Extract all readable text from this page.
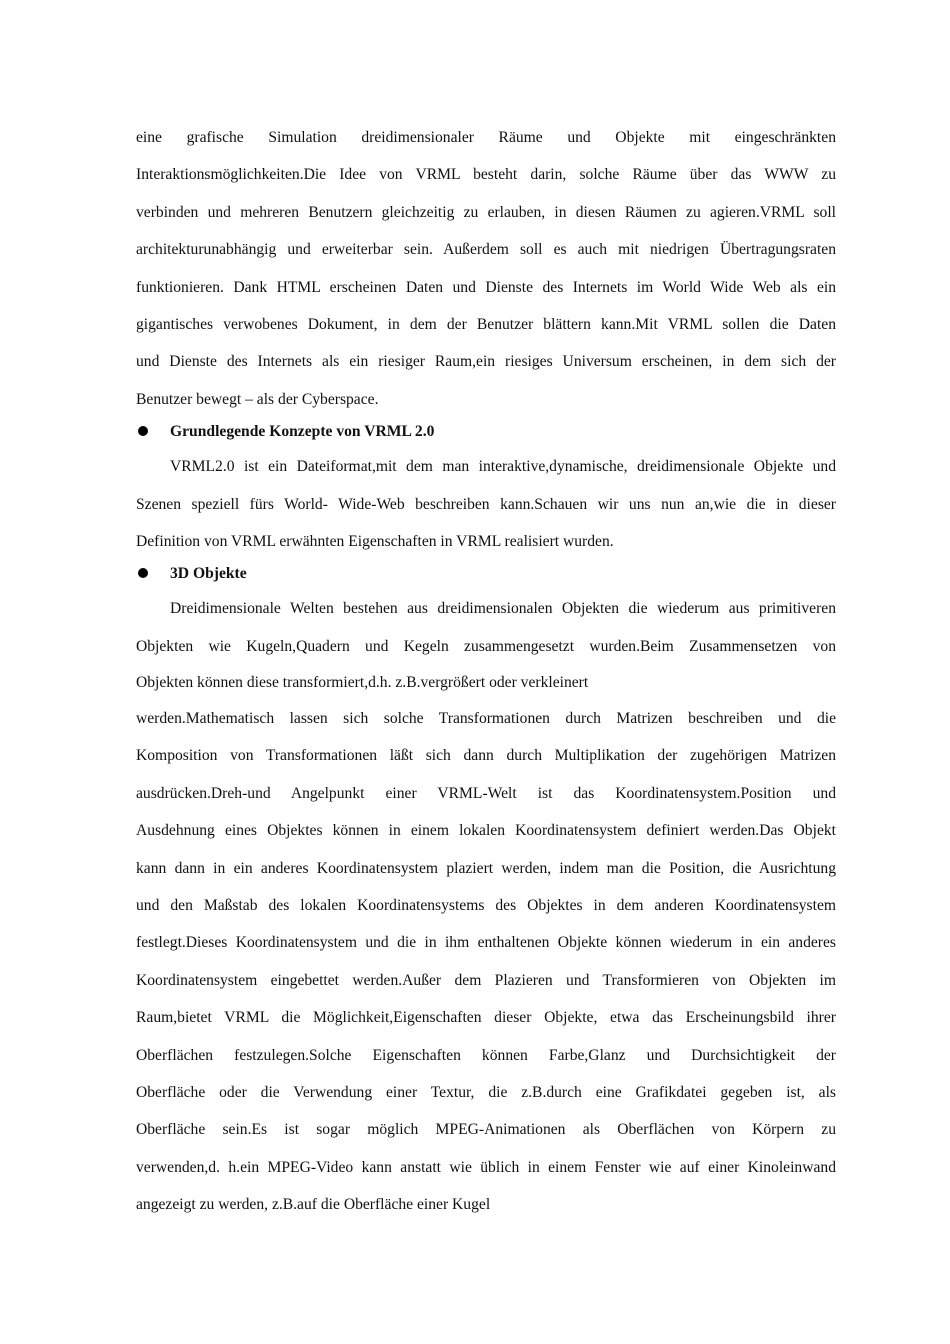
eine grafische Simulation dreidimensionaler Räume und Objekte mit eingeschränkten
Interaktionsmöglichkeiten.Die Idee von VRML besteht darin, solche Räume über das WWW zu
verbinden und mehreren Benutzern gleichzeitig zu erlauben, in diesen Räumen zu agieren.VRML soll
architekturunabhängig und erweiterbar sein. Außerdem soll es auch mit niedrigen Übertragungsraten
funktionieren. Dank HTML erscheinen Daten und Dienste des Internets im World Wide Web als ein
gigantisches verwobenes Dokument, in dem der Benutzer blättern kann.Mit VRML sollen die Daten
und Dienste des Internets als ein riesiger Raum,ein riesiges Universum erscheinen, in dem sich der
Benutzer bewegt – als der Cyberspace.
Grundlegende Konzepte von VRML 2.0
VRML2.0 ist ein Dateiformat,mit dem man interaktive,dynamische, dreidimensionale Objekte und
Szenen speziell fürs World- Wide-Web beschreiben kann.Schauen wir uns nun an,wie die in dieser
Definition von VRML erwähnten Eigenschaften in VRML realisiert wurden.
3D Objekte
Dreidimensionale Welten bestehen aus dreidimensionalen Objekten die wiederum aus primitiveren
Objekten wie Kugeln,Quadern und Kegeln zusammengesetzt wurden.Beim Zusammensetzen von
Objekten können diese transformiert,d.h. z.B.vergrößert oder verkleinert
werden.Mathematisch lassen sich solche Transformationen durch Matrizen beschreiben und die
Komposition von Transformationen läßt sich dann durch Multiplikation der zugehörigen Matrizen
ausdrücken.Dreh-und Angelpunkt einer VRML-Welt ist das Koordinatensystem.Position und
Ausdehnung eines Objektes können in einem lokalen Koordinatensystem definiert werden.Das Objekt
kann dann in ein anderes Koordinatensystem plaziert werden, indem man die Position, die Ausrichtung
und den Maßstab des lokalen Koordinatensystems des Objektes in dem anderen Koordinatensystem
festlegt.Dieses Koordinatensystem und die in ihm enthaltenen Objekte können wiederum in ein anderes
Koordinatensystem eingebettet werden.Außer dem Plazieren und Transformieren von Objekten im
Raum,bietet VRML die Möglichkeit,Eigenschaften dieser Objekte, etwa das Erscheinungsbild ihrer
Oberflächen festzulegen.Solche Eigenschaften können Farbe,Glanz und Durchsichtigkeit der
Oberfläche oder die Verwendung einer Textur, die z.B.durch eine Grafikdatei gegeben ist, als
Oberfläche sein.Es ist sogar möglich MPEG-Animationen als Oberflächen von Körpern zu
verwenden,d. h.ein MPEG-Video kann anstatt wie üblich in einem Fenster wie auf einer Kinoleinwand
angezeigt zu werden, z.B.auf die Oberfläche einer Kugel
